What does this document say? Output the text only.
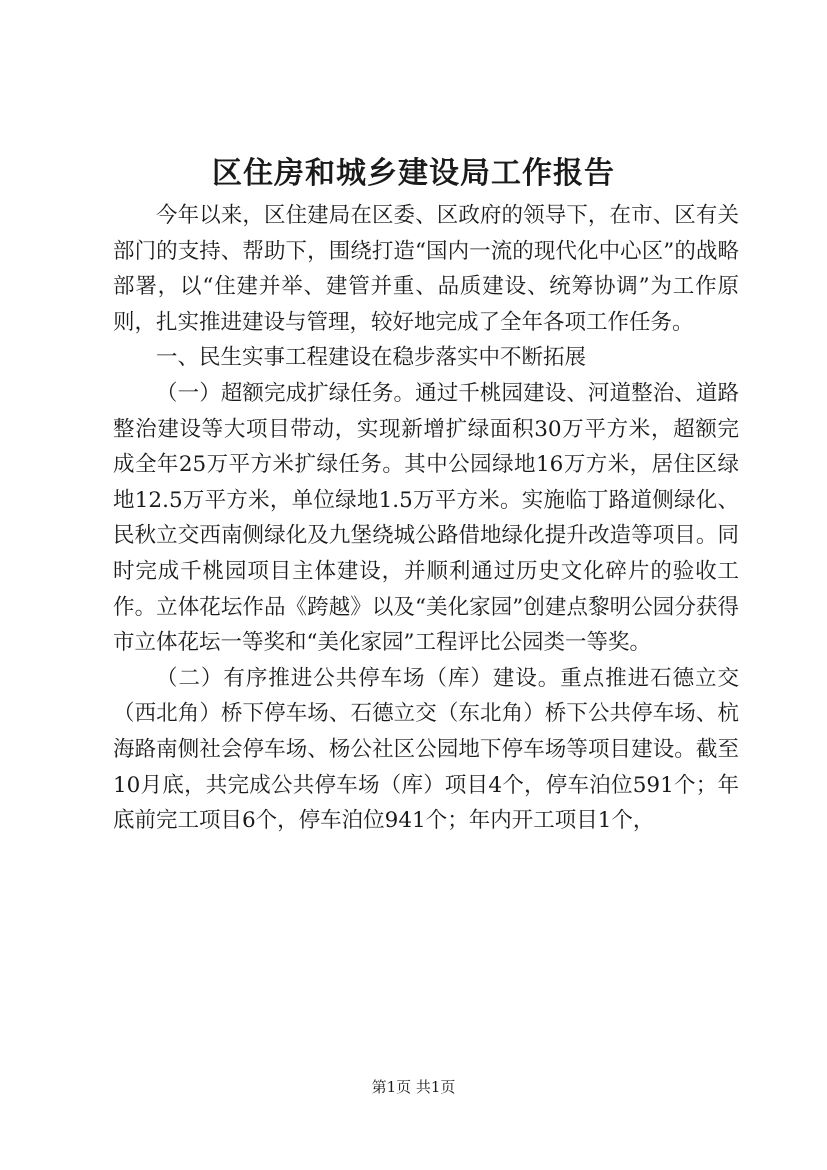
区住房和城乡建设局工作报告

今年以来，区住建局在区委、区政府的领导下，在市、区有关部门的支持、帮助下，围绕打造“国内一流的现代化中心区”的战略部署，以“住建并举、建管并重、品质建设、统筹协调”为工作原则，扎实推进建设与管理，较好地完成了全年各项工作任务。

一、民生实事工程建设在稳步落实中不断拓展

（一）超额完成扩绿任务。通过千桃园建设、河道整治、道路整治建设等大项目带动，实现新增扩绿面积30万平方米，超额完成全年25万平方米扩绿任务。其中公园绿地16万方米，居住区绿地12.5万平方米，单位绿地1.5万平方米。实施临丁路道侧绿化、民秋立交西南侧绿化及九堡绕城公路借地绿化提升改造等项目。同时完成千桃园项目主体建设，并顺利通过历史文化碎片的验收工作。立体花坛作品《跨越》以及“美化家园”创建点黎明公园分获得市立体花坛一等奖和“美化家园”工程评比公园类一等奖。

（二）有序推进公共停车场（库）建设。重点推进石德立交（西北角）桥下停车场、石德立交（东北角）桥下公共停车场、杭海路南侧社会停车场、杨公社区公园地下停车场等项目建设。截至10月底，共完成公共停车场（库）项目4个，停车泊位591个；年底前完工项目6个，停车泊位941个；年内开工项目1个，

第1页 共1页
